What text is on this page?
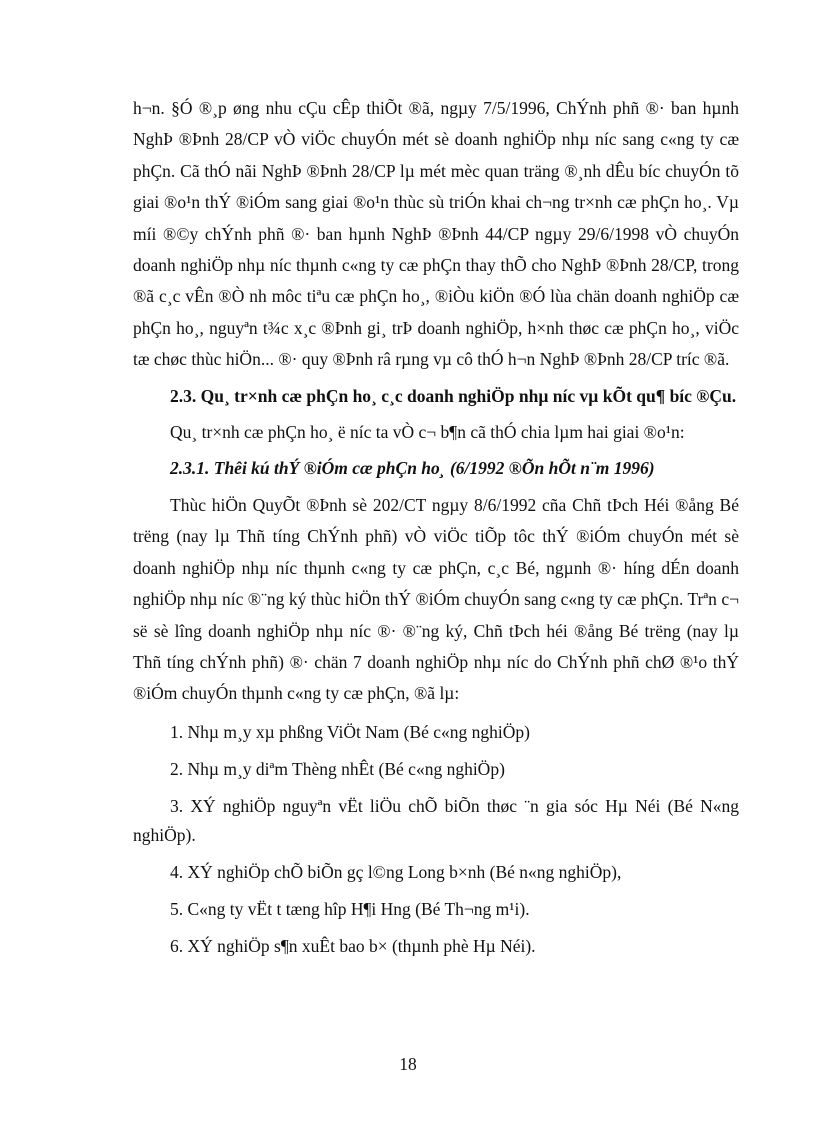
h¬n. §Ó ®¸p øng nhu cÇu cÊp thiÕt ®ã, ngµy 7/5/1996, ChÝnh phñ ®· ban hµnh NghÞ ®Þnh 28/CP vÒ viÖc chuyÓn mét sè doanh nghiÖp nhµ níc sang c«ng ty cæ phÇn. Cã thÓ nãi NghÞ ®Þnh 28/CP lµ mét mèc quan träng ®¸nh dÊu bíc chuyÓn tõ giai ®o¹n thÝ ®iÓm sang giai ®o¹n thùc sù triÓn khai ch¬ng tr×nh cæ phÇn ho¸. Vµ míi ®©y chÝnh phñ ®· ban hµnh NghÞ ®Þnh 44/CP ngµy 29/6/1998 vÒ chuyÓn doanh nghiÖp nhµ níc thµnh c«ng ty cæ phÇn thay thÕ cho NghÞ ®Þnh 28/CP, trong ®ã c¸c vÊn ®Ò nh môc tiªu cæ phÇn ho¸, ®iÒu kiÖn ®Ó lùa chän doanh nghiÖp cæ phÇn ho¸, nguyªn t¾c x¸c ®Þnh gi¸ trÞ doanh nghiÖp, h×nh thøc cæ phÇn ho¸, viÖc tæ chøc thùc hiÖn... ®· quy ®Þnh râ rµng vµ cô thÓ h¬n NghÞ ®Þnh 28/CP tríc ®ã.

2.3. Qu¸ tr×nh cæ phÇn ho¸ c¸c doanh nghiÖp nhµ níc vµ kÕt qu¶ bíc ®Çu.

Qu¸ tr×nh cæ phÇn ho¸ ë níc ta vÒ c¬ b¶n cã thÓ chia lµm hai giai ®o¹n:

2.3.1. Thêi kú thÝ ®iÓm cæ phÇn ho¸ (6/1992 ®Õn hÕt n¨m 1996)

Thùc hiÖn QuyÕt ®Þnh sè 202/CT ngµy 8/6/1992 cña Chñ tÞch Héi ®ång Bé trëng (nay lµ Thñ tíng ChÝnh phñ) vÒ viÖc tiÕp tôc thÝ ®iÓm chuyÓn mét sè doanh nghiÖp nhµ níc thµnh c«ng ty cæ phÇn, c¸c Bé, ngµnh ®· híng dÉn doanh nghiÖp nhµ níc ®¨ng ký thùc hiÖn thÝ ®iÓm chuyÓn sang c«ng ty cæ phÇn. Trªn c¬ së sè lîng doanh nghiÖp nhµ níc ®· ®¨ng ký, Chñ tÞch héi ®ång Bé trëng (nay lµ Thñ tíng chÝnh phñ) ®· chän 7 doanh nghiÖp nhµ níc do ChÝnh phñ chØ ®¹o thÝ ®iÓm chuyÓn thµnh c«ng ty cæ phÇn, ®ã lµ:

1. Nhµ m¸y xµ phßng ViÖt Nam (Bé c«ng nghiÖp)

2. Nhµ m¸y diªm Thèng nhÊt (Bé c«ng nghiÖp)

3. XÝ nghiÖp nguyªn vËt liÖu chÕ biÕn thøc ¨n gia sóc Hµ Néi (Bé N«ng nghiÖp).

4. XÝ nghiÖp chÕ biÕn gç l©ng Long b×nh (Bé n«ng nghiÖp),

5. C«ng ty vËt t tæng hîp H¶i Hng (Bé Th¬ng m¹i).

6. XÝ nghiÖp s¶n xuÊt bao b× (thµnh phè Hµ Néi).

18
